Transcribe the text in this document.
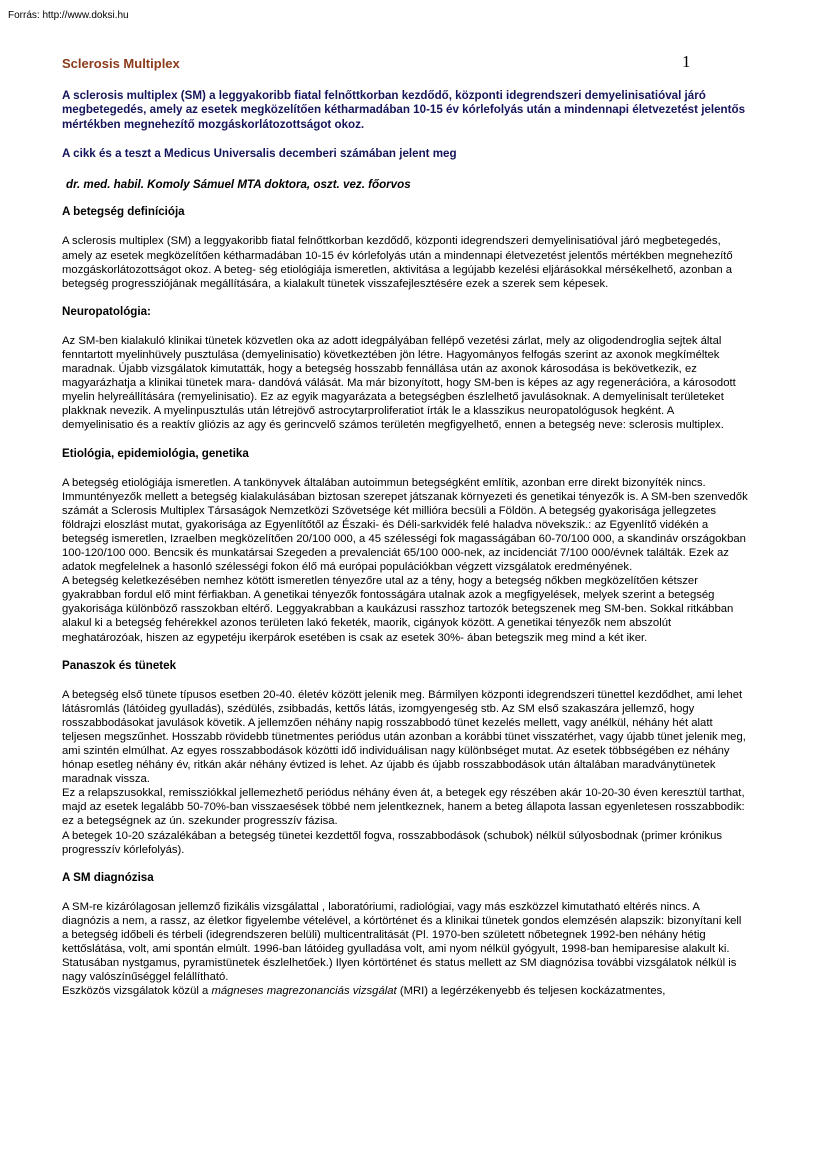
Forrás: http://www.doksi.hu
1
Sclerosis Multiplex
A sclerosis multiplex (SM) a leggyakoribb fiatal felnőttkorban kezdődő, központi idegrendszeri demyelinisatióval járó megbetegedés, amely az esetek megközelítően kétharmadában 10-15 év kórlefolyás után a mindennapi életvezetést jelentős mértékben megnehezítő mozgáskorlátozottságot okoz.
A cikk és a teszt a Medicus Universalis decemberi számában jelent meg
dr. med. habil. Komoly Sámuel MTA doktora, oszt. vez. főorvos
A betegség definíciója

A sclerosis multiplex (SM) a leggyakoribb fiatal felnőttkorban kezdődő, központi idegrendszeri demyelinisatióval járó megbetegedés, amely az esetek megközelítően kétharmadában 10-15 év kórlefolyás után a mindennapi életvezetést jelentős mértékben megnehezítő mozgáskorlátozottságot okoz. A beteg- ség etiológiája ismeretlen, aktivitása a legújabb kezelési eljárásokkal mérsékelhető, azonban a betegség progressziójának megállítására, a kialakult tünetek visszafejlesztésére ezek a szerek sem képesek.

Neuropatológia:

Az SM-ben kialakuló klinikai tünetek közvetlen oka az adott idegpályában fellépő vezetési zárlat, mely az oligodendroglia sejtek által fenntartott myelinhüvely pusztulása (demyelinisatio) következtében jön létre. Hagyományos felfogás szerint az axonok megkíméltek maradnak. Újabb vizsgálatok kimutatták, hogy a betegség hosszabb fennállása után az axonok károsodása is bekövetkezik, ez magyarázhatja a klinikai tünetek mara- dandóvá válását. Ma már bizonyított, hogy SM-ben is képes az agy regenerációra, a károsodott myelin helyreállítására (remyelinisatio). Ez az egyik magyarázata a betegségben észlelhető javulásoknak. A demyelinisalt területeket plakknak nevezik. A myelinpusztulás után létrejövő astrocytarproliferatiot írták le a klasszikus neuropatológusok hegként. A demyelinisatio és a reaktív gliózis az agy és gerincvelő számos területén megfigyelhető, ennen a betegség neve: sclerosis multiplex.

Etiológia, epidemiológia, genetika

A betegség etiológiája ismeretlen. A tankönyvek általában autoimmun betegségként említik, azonban erre direkt bizonyíték nincs. Immuntényezők mellett a betegség kialakulásában biztosan szerepet játszanak környezeti és genetikai tényezők is. A SM-ben szenvedők számát a Sclerosis Multiplex Társaságok Nemzetközi Szövetsége két millióra becsüli a Földön. A betegség gyakorisága jellegzetes földrajzi eloszlást mutat, gyakorisága az Egyenlítőtől az Északi- és Déli-sarkvidék felé haladva növekszik.: az Egyenlítő vidékén a betegség ismeretlen, Izraelben megközelítően 20/100 000, a 45 szélességi fok magasságában 60-70/100 000, a skandináv országokban 100-120/100 000. Bencsik és munkatársai Szegeden a prevalenciát 65/100 000-nek, az incidenciát 7/100 000/évnek találták. Ezek az adatok megfelelnek a hasonló szélességi fokon élő má európai populációkban végzett vizsgálatok eredményének.

A betegség keletkezésében nemhez kötött ismeretlen tényezőre utal az a tény, hogy a betegség nőkben megközelítően kétszer gyakrabban fordul elő mint férfiakban. A genetikai tényezők fontosságára utalnak azok a megfigyelések, melyek szerint a betegség gyakorisága különböző rasszokban eltérő. Leggyakrabban a kaukázusi rasszhoz tartozók betegszenek meg SM-ben. Sokkal ritkábban alakul ki a betegség fehérekkel azonos területen lakó feketék, maorik, cigányok között. A genetikai tényezők nem abszolút meghatározóak, hiszen az egypetéju ikerpárok esetében is csak az esetek 30%- ában betegszik meg mind a két iker.

Panaszok és tünetek

A betegség első tünete típusos esetben 20-40. életév között jelenik meg. Bármilyen központi idegrendszeri tünettel kezdődhet, ami lehet látásromlás (látóideg gyulladás), szédülés, zsibbadás, kettős látás, izomgyengeség stb. Az SM első szakaszára jellemző, hogy rosszabbodásokat javulások követik. A jellemzően néhány napig rosszabbodó tünet kezelés mellett, vagy anélkül, néhány hét alatt teljesen megszűnhet. Hosszabb rövidebb tünetmentes periódus után azonban a korábbi tünet visszatérhet, vagy újabb tünet jelenik meg, ami szintén elmúlhat. Az egyes rosszabbodások közötti idő individuálisan nagy különbséget mutat. Az esetek többségében ez néhány hónap esetleg néhány év, ritkán akár néhány évtized is lehet. Az újabb és újabb rosszabbodások után általában maradványtünetek maradnak vissza.

Ez a relapszusokkal, remissziókkal jellemezhető periódus néhány éven át, a betegek egy részében akár 10-20-30 éven keresztül tarthat, majd az esetek legalább 50-70%-ban visszaesések többé nem jelentkeznek, hanem a beteg állapota lassan egyenletesen rosszabbodik: ez a betegségnek az ún. szekunder progresszív fázisa.

A betegek 10-20 százalékában a betegség tünetei kezdettől fogva, rosszabbodások (schubok) nélkül súlyosbodnak (primer krónikus progresszív kórlefolyás).

A SM diagnózisa

A SM-re kizárólagosan jellemző fizikális vizsgálattal , laboratóriumi, radiológiai, vagy más eszközzel kimutatható eltérés nincs. A diagnózis a nem, a rassz, az életkor figyelembe vételével, a kórtörténet és a klinikai tünetek gondos elemzésén alapszik: bizonyítani kell a betegség időbeli és térbeli (idegrendszeren belüli) multicentralitását (Pl. 1970-ben született nőbetegnek 1992-ben néhány hétig kettőslátása, volt, ami spontán elmúlt. 1996-ban látóideg gyulladása volt, ami nyom nélkül gyógyult, 1998-ban hemiparesise alakult ki. Statusában nystgamus, pyramistünetek észlelhetőek.) Ilyen kórtörténet és status mellett az SM diagnózisa további vizsgálatok nélkül is nagy valószínűséggel felállítható.

Eszközös vizsgálatok közül a mágneses magrezonanciás vizsgálat (MRI) a legérzékenyebb és teljesen kockázatmentes,
